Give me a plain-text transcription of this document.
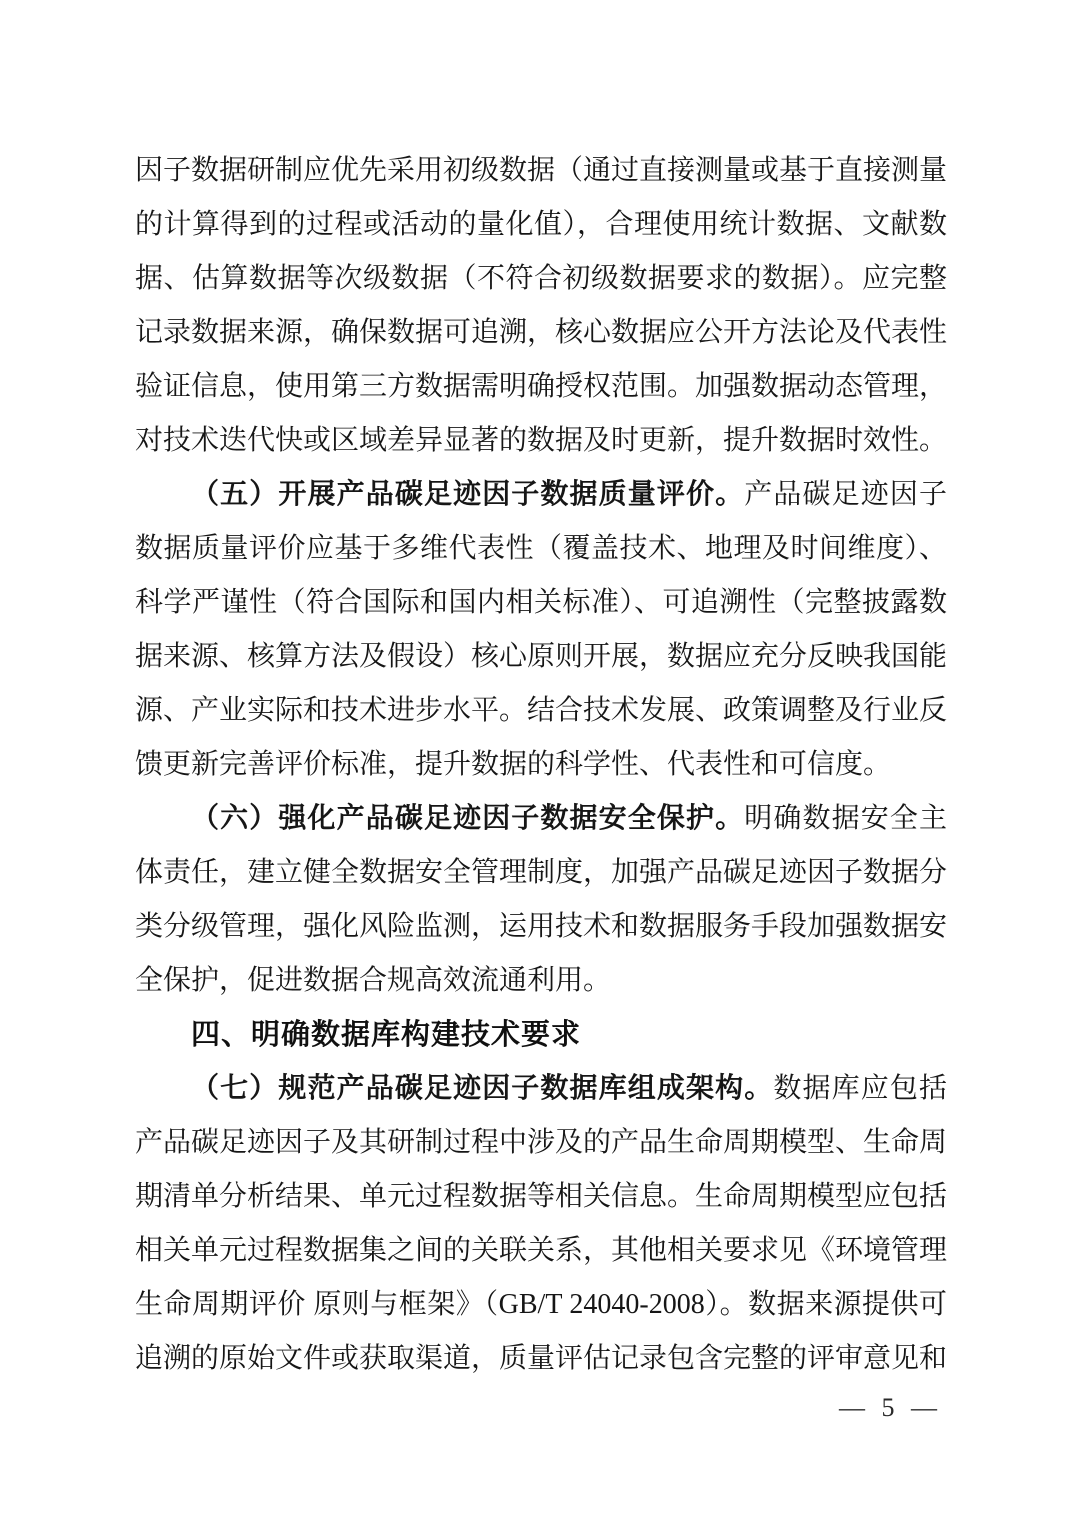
因子数据研制应优先采用初级数据（通过直接测量或基于直接测量的计算得到的过程或活动的量化值），合理使用统计数据、文献数据、估算数据等次级数据（不符合初级数据要求的数据）。应完整记录数据来源，确保数据可追溯，核心数据应公开方法论及代表性验证信息，使用第三方数据需明确授权范围。加强数据动态管理，对技术迭代快或区域差异显著的数据及时更新，提升数据时效性。

（五）开展产品碳足迹因子数据质量评价。产品碳足迹因子数据质量评价应基于多维代表性（覆盖技术、地理及时间维度）、科学严谨性（符合国际和国内相关标准）、可追溯性（完整披露数据来源、核算方法及假设）核心原则开展，数据应充分反映我国能源、产业实际和技术进步水平。结合技术发展、政策调整及行业反馈更新完善评价标准，提升数据的科学性、代表性和可信度。

（六）强化产品碳足迹因子数据安全保护。明确数据安全主体责任，建立健全数据安全管理制度，加强产品碳足迹因子数据分类分级管理，强化风险监测，运用技术和数据服务手段加强数据安全保护，促进数据合规高效流通利用。

四、明确数据库构建技术要求

（七）规范产品碳足迹因子数据库组成架构。数据库应包括产品碳足迹因子及其研制过程中涉及的产品生命周期模型、生命周期清单分析结果、单元过程数据等相关信息。生命周期模型应包括相关单元过程数据集之间的关联关系，其他相关要求见《环境管理 生命周期评价 原则与框架》（GB/T 24040-2008）。数据来源提供可追溯的原始文件或获取渠道，质量评估记录包含完整的评审意见和

— 5 —
